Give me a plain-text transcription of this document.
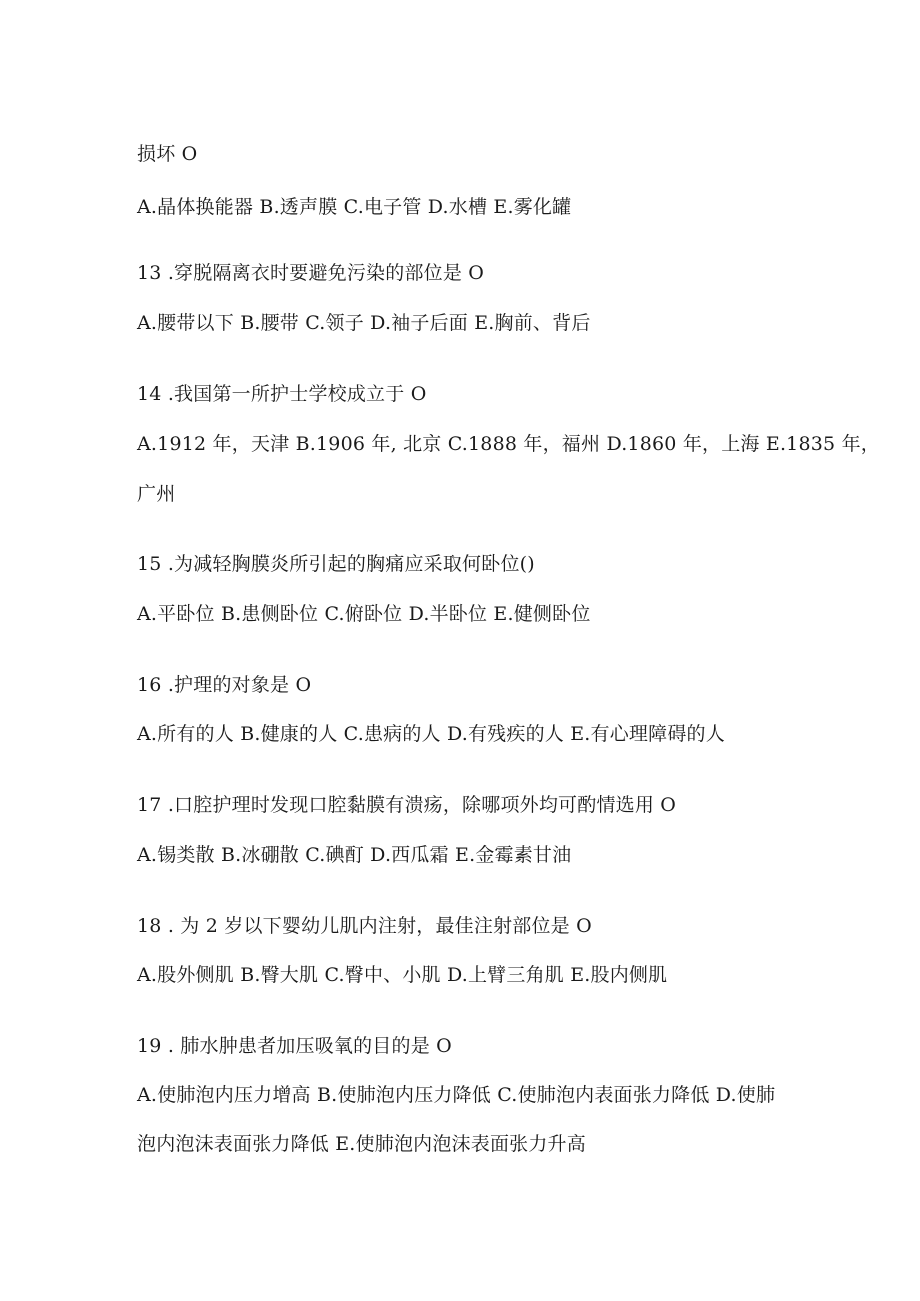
损坏 O
A.晶体换能器 B.透声膜 C.电子管 D.水槽 E.雾化罐
13 .穿脱隔离衣时要避免污染的部位是 O
A.腰带以下 B.腰带 C.领子 D.袖子后面 E.胸前、背后
14 .我国第一所护士学校成立于 O
A.1912 年，天津 B.1906 年, 北京 C.1888 年，福州 D.1860 年，上海 E.1835 年，
广州
15 .为减轻胸膜炎所引起的胸痛应采取何卧位()
A.平卧位 B.患侧卧位 C.俯卧位 D.半卧位 E.健侧卧位
16 .护理的对象是 O
A.所有的人 B.健康的人 C.患病的人 D.有残疾的人 E.有心理障碍的人
17 .口腔护理时发现口腔黏膜有溃疡，除哪项外均可酌情选用 O
A.锡类散 B.冰硼散 C.碘酊 D.西瓜霜 E.金霉素甘油
18 . 为 2 岁以下婴幼儿肌内注射，最佳注射部位是 O
A.股外侧肌 B.臀大肌 C.臀中、小肌 D.上臂三角肌 E.股内侧肌
19 . 肺水肿患者加压吸氧的目的是 O
A.使肺泡内压力增高 B.使肺泡内压力降低 C.使肺泡内表面张力降低 D.使肺
泡内泡沫表面张力降低 E.使肺泡内泡沫表面张力升高
